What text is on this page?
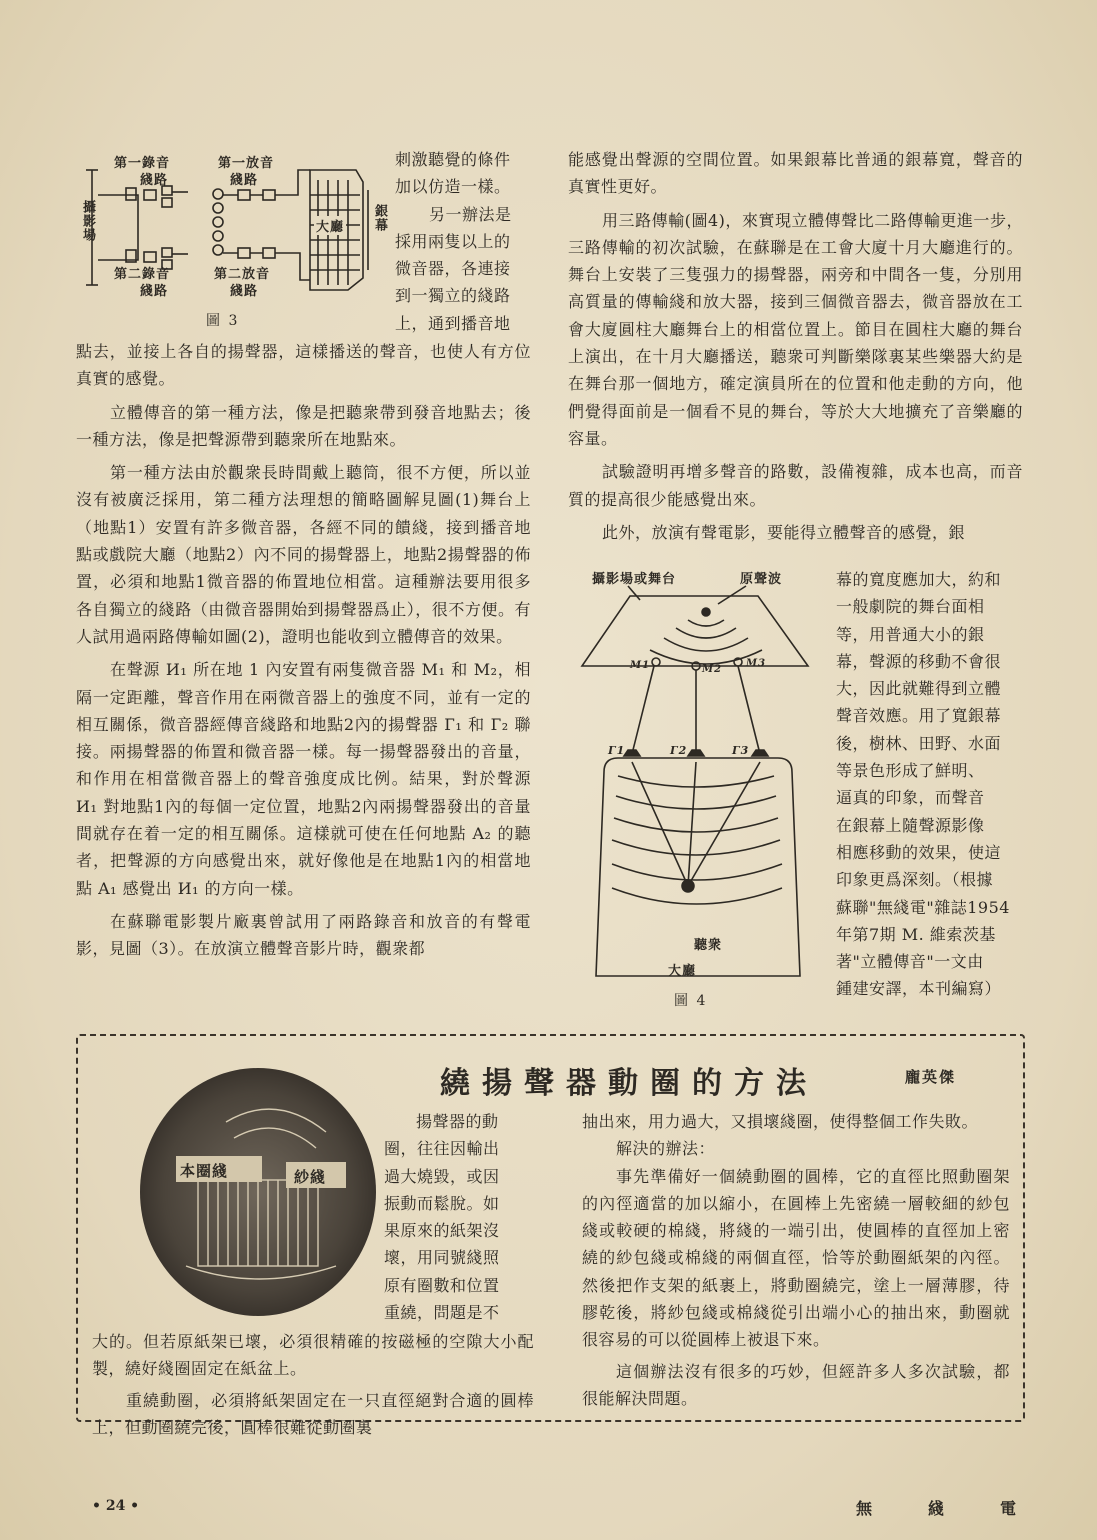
第一錄音	第一放音
綫路	綫路
第二錄音	第二放音
綫路	綫路
攝影場	大廳 銀幕
圖 3
刺激聽覺的條件
加以仿造一樣。
另一辦法是
採用兩隻以上的
微音器，各連接
到一獨立的綫路
上，通到播音地

點去，並接上各自的揚聲器，這樣播送的聲音，也使人有方位真實的感覺。

立體傳音的第一種方法，像是把聽衆帶到發音地點去；後一種方法，像是把聲源帶到聽衆所在地點來。

第一種方法由於觀衆長時間戴上聽筒，很不方便，所以並沒有被廣泛採用，第二種方法理想的簡略圖解見圖(1)舞台上（地點1）安置有許多微音器，各經不同的饋綫，接到播音地點或戲院大廳（地點2）內不同的揚聲器上，地點2揚聲器的佈置，必須和地點1微音器的佈置地位相當。這種辦法要用很多各自獨立的綫路（由微音器開始到揚聲器爲止），很不方便。有人試用過兩路傳輸如圖(2)，證明也能收到立體傳音的效果。

在聲源 И₁ 所在地 1 內安置有兩隻微音器 M₁ 和 M₂，相隔一定距離，聲音作用在兩微音器上的強度不同，並有一定的相互關係，微音器經傳音綫路和地點2內的揚聲器 Г₁ 和 Г₂ 聯接。兩揚聲器的佈置和微音器一樣。每一揚聲器發出的音量，和作用在相當微音器上的聲音強度成比例。結果，對於聲源 И₁ 對地點1內的每個一定位置，地點2內兩揚聲器發出的音量間就存在着一定的相互關係。這樣就可使在任何地點 A₂ 的聽者，把聲源的方向感覺出來，就好像他是在地點1內的相當地點 A₁ 感覺出 И₁ 的方向一樣。

在蘇聯電影製片廠裏曾試用了兩路錄音和放音的有聲電影，見圖（3）。在放演立體聲音影片時，觀衆都

能感覺出聲源的空間位置。如果銀幕比普通的銀幕寬，聲音的真實性更好。

用三路傳輸(圖4)，來實現立體傳聲比二路傳輸更進一步，三路傳輸的初次試驗，在蘇聯是在工會大廈十月大廳進行的。舞台上安裝了三隻强力的揚聲器，兩旁和中間各一隻，分別用高質量的傳輸綫和放大器，接到三個微音器去，微音器放在工會大廈圓柱大廳舞台上的相當位置上。節目在圓柱大廳的舞台上演出，在十月大廳播送，聽衆可判斷樂隊裏某些樂器大約是在舞台那一個地方，確定演員所在的位置和他走動的方向，他們覺得面前是一個看不見的舞台，等於大大地擴充了音樂廳的容量。

試驗證明再增多聲音的路數，設備複雜，成本也高，而音質的提高很少能感覺出來。

此外，放演有聲電影，要能得立體聲音的感覺，銀

攝影場或舞台	原聲波
M1	M2
M3
Г1	Г2	Г3
聽衆
大廳
圖 4
幕的寬度應加大，約和
一般劇院的舞台面相
等，用普通大小的銀
幕，聲源的移動不會很
大，因此就難得到立體
聲音效應。用了寬銀幕
後，樹林、田野、水面
等景色形成了鮮明、
逼真的印象，而聲音
在銀幕上隨聲源影像
相應移動的效果，使這
印象更爲深刻。（根據
蘇聯"無綫電"雜誌1954
年第7期 M. 維索茨基
著"立體傳音"一文由
鍾建安譯，本刊編寫）
繞揚聲器動圈的方法	龐英傑
本圈綫	紗綫
揚聲器的動
圈，往往因輸出
過大燒毀，或因
振動而鬆脫。如
果原來的紙架沒
壞，用同號綫照
原有圈數和位置
重繞，問題是不

大的。但若原紙架已壞，必須很精確的按磁極的空隙大小配製，繞好綫圈固定在紙盆上。

重繞動圈，必須將紙架固定在一只直徑絕對合適的圓棒上，但動圈繞完後，圓棒很難從動圈裏

抽出來，用力過大，又損壞綫圈，使得整個工作失敗。

解決的辦法：

事先準備好一個繞動圈的圓棒，它的直徑比照動圈架的內徑適當的加以縮小，在圓棒上先密繞一層較細的紗包綫或較硬的棉綫，將綫的一端引出，使圓棒的直徑加上密繞的紗包綫或棉綫的兩個直徑，恰等於動圈紙架的內徑。然後把作支架的紙裹上，將動圈繞完，塗上一層薄膠，待膠乾後，將紗包綫或棉綫從引出端小心的抽出來，動圈就很容易的可以從圓棒上被退下來。

這個辦法沒有很多的巧妙，但經許多人多次試驗，都很能解決問題。

• 24 •	無綫電
